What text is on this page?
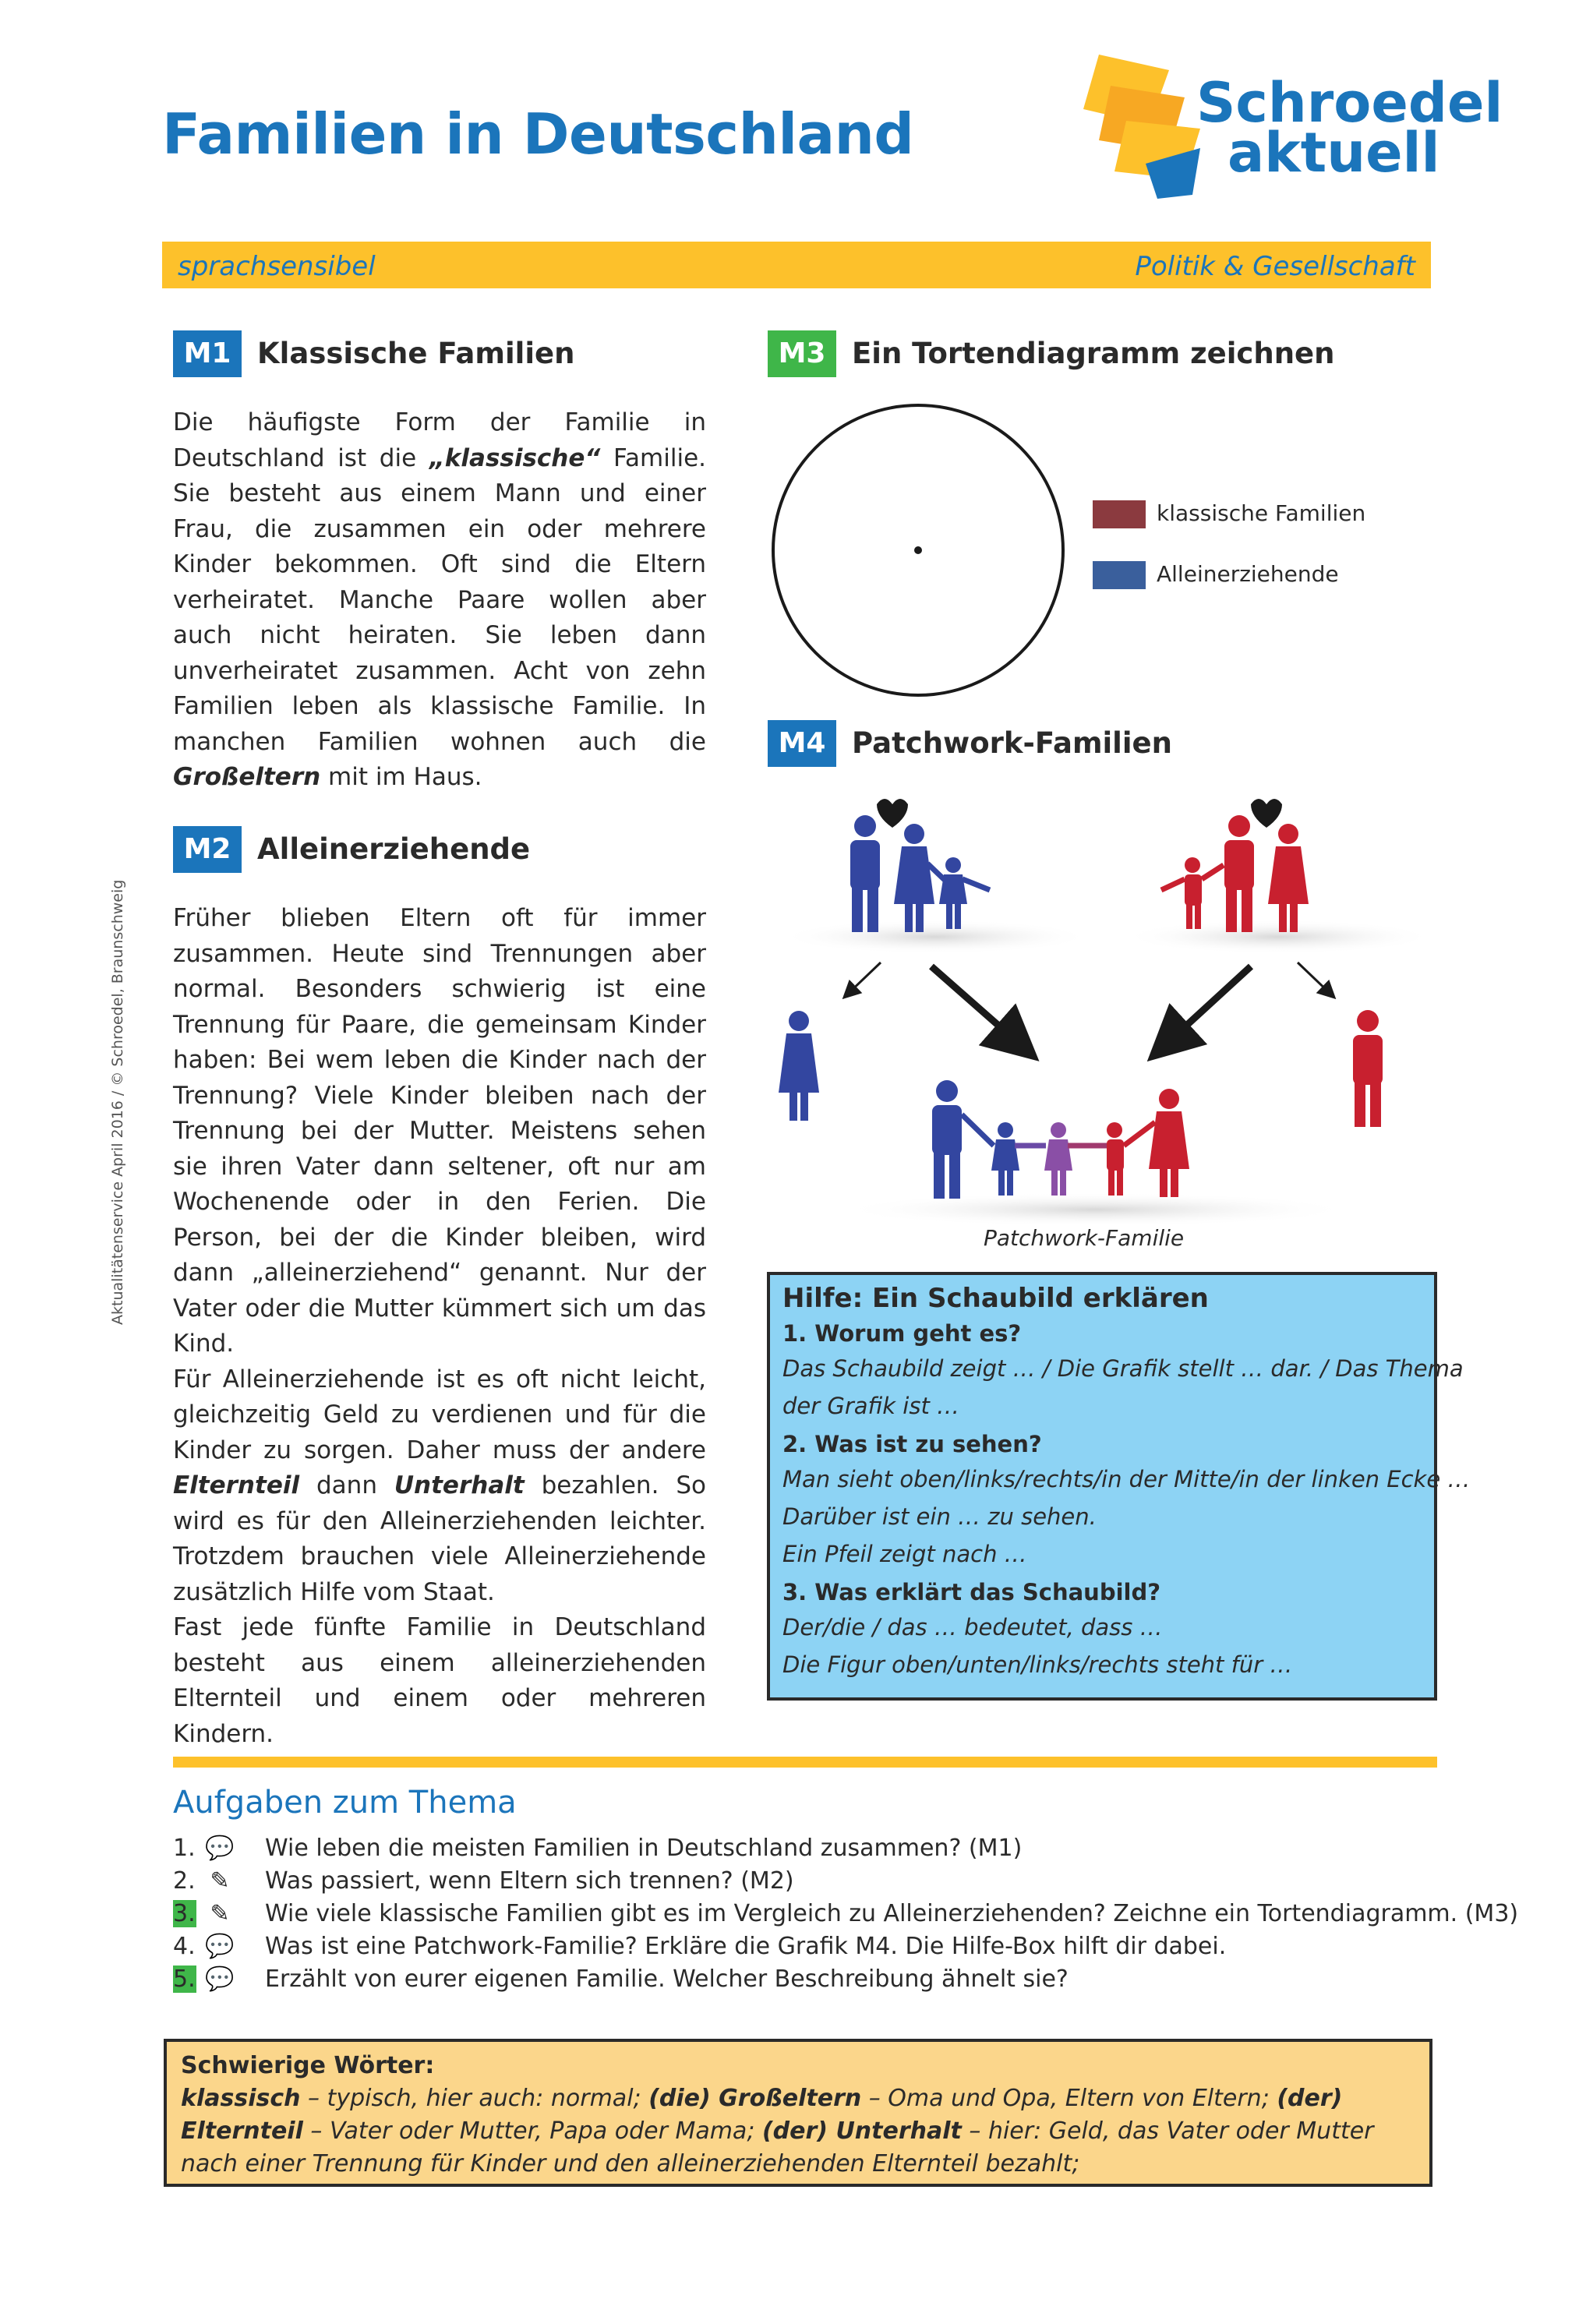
Familien in Deutschland	Schroedel
aktuell
sprachsensibel	Politik & Gesellschaft
Aktualitätenservice April 2016 / © Schroedel, Braunschweig
M1 Klassische Familien
Die häufigste Form der Familie in Deutschland ist die „klassische“ Familie. Sie besteht aus einem Mann und einer Frau, die zusammen ein oder mehrere Kinder bekommen. Oft sind die Eltern verheiratet. Manche Paare wollen aber auch nicht heiraten. Sie leben dann unverheiratet zusammen. Acht von zehn Familien leben als klassische Familie. In manchen Familien wohnen auch die Großeltern mit im Haus.
M2 Alleinerziehende
Früher blieben Eltern oft für immer zusammen. Heute sind Trennungen aber normal. Besonders schwierig ist eine Trennung für Paare, die gemeinsam Kinder haben: Bei wem leben die Kinder nach der Trennung? Viele Kinder bleiben nach der Trennung bei der Mutter. Meistens sehen sie ihren Vater dann seltener, oft nur am Wochenende oder in den Ferien. Die Person, bei der die Kinder bleiben, wird dann „alleinerziehend“ genannt. Nur der Vater oder die Mutter kümmert sich um das Kind.
Für Alleinerziehende ist es oft nicht leicht, gleichzeitig Geld zu verdienen und für die Kinder zu sorgen. Daher muss der andere Elternteil dann Unterhalt bezahlen. So wird es für den Alleinerziehenden leichter. Trotzdem brauchen viele Alleinerziehende zusätzlich Hilfe vom Staat.
Fast jede fünfte Familie in Deutschland besteht aus einem alleinerziehenden Elternteil und einem oder mehreren Kindern.
M3 Ein Tortendiagramm zeichnen
klassische Familien
Alleinerziehende
M4 Patchwork-Familien
Patchwork-Familie
Hilfe: Ein Schaubild erklären
1. Worum geht es?
Das Schaubild zeigt … / Die Grafik stellt … dar. / Das Thema
der Grafik ist …
2. Was ist zu sehen?
Man sieht oben/links/rechts/in der Mitte/in der linken Ecke …
Darüber ist ein … zu sehen.
Ein Pfeil zeigt nach …
3. Was erklärt das Schaubild?
Der/die / das … bedeutet, dass …
Die Figur oben/unten/links/rechts steht für …
Aufgaben zum Thema
1. 💬 Wie leben die meisten Familien in Deutschland zusammen? (M1)
2. ✎ Was passiert, wenn Eltern sich trennen? (M2)
3. ✎ Wie viele klassische Familien gibt es im Vergleich zu Alleinerziehenden? Zeichne ein Tortendiagramm. (M3)
4. 💬 Was ist eine Patchwork-Familie? Erkläre die Grafik M4. Die Hilfe-Box hilft dir dabei.
5. 💬 Erzählt von eurer eigenen Familie. Welcher Beschreibung ähnelt sie?
Schwierige Wörter:
klassisch – typisch, hier auch: normal; (die) Großeltern – Oma und Opa, Eltern von Eltern; (der) Elternteil – Vater oder Mutter, Papa oder Mama; (der) Unterhalt – hier: Geld, das Vater oder Mutter nach einer Trennung für Kinder und den alleinerziehenden Elternteil bezahlt;
